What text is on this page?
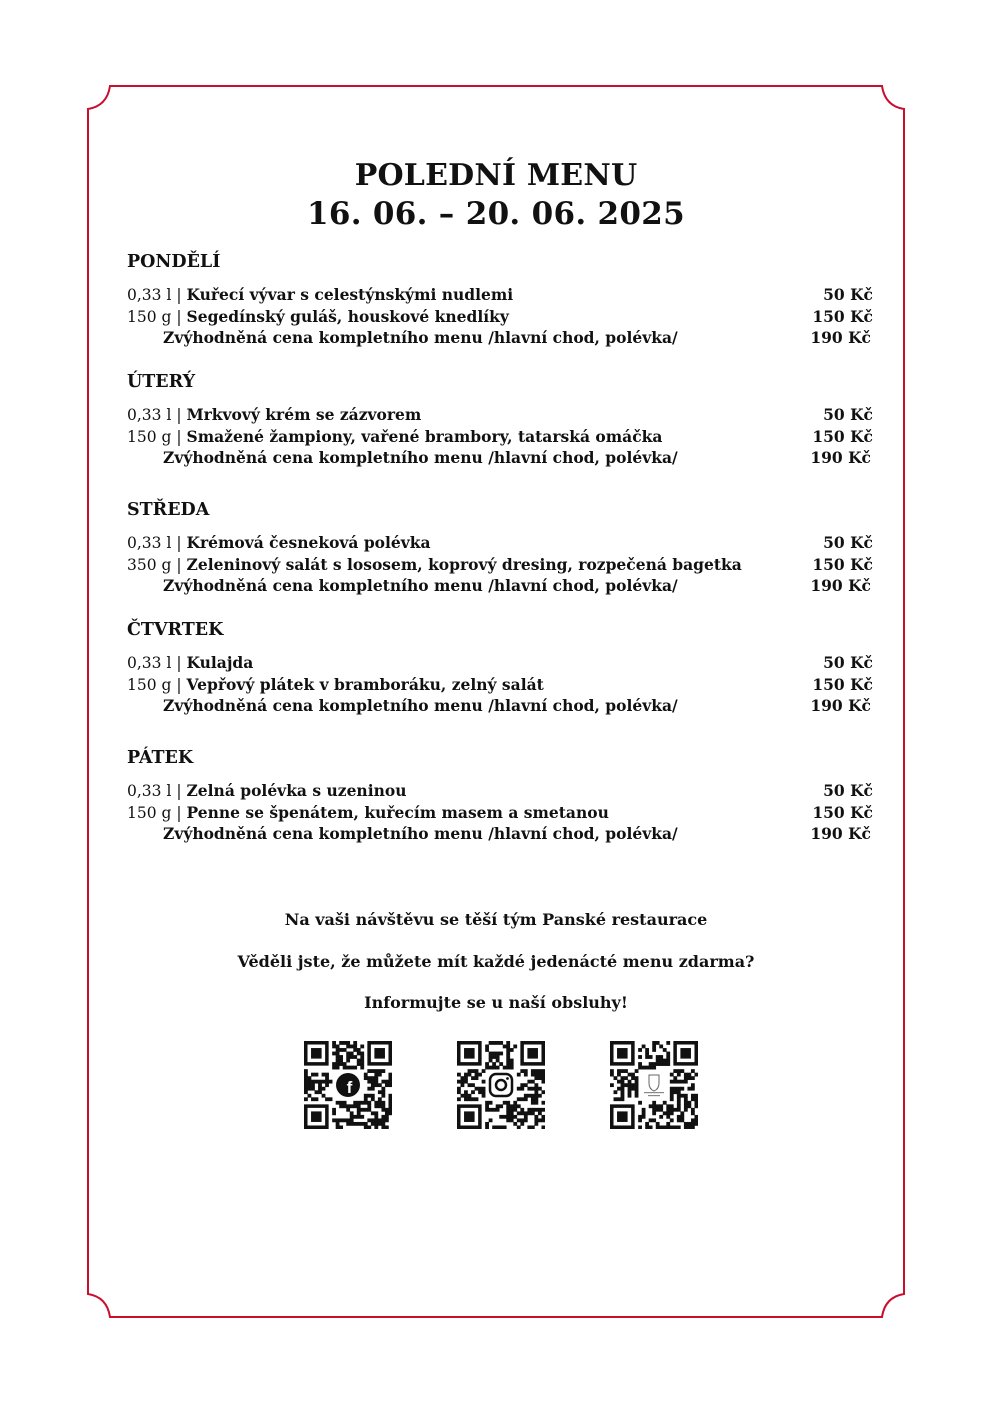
POLEDNÍ MENU
16. 06. – 20. 06. 2025
PONDĚLÍ
0,33 l | Kuřecí vývar s celestýnskými nudlemi	50 Kč
150 g | Segedínský guláš, houskové knedlíky	150 Kč
Zvýhodněná cena kompletního menu /hlavní chod, polévka/	190 Kč
ÚTERÝ
0,33 l | Mrkvový krém se zázvorem	50 Kč
150 g | Smažené žampiony, vařené brambory, tatarská omáčka	150 Kč
Zvýhodněná cena kompletního menu /hlavní chod, polévka/	190 Kč
STŘEDA
0,33 l | Krémová česneková polévka	50 Kč
350 g | Zeleninový salát s lososem, koprový dresing, rozpečená bagetka	150 Kč
Zvýhodněná cena kompletního menu /hlavní chod, polévka/	190 Kč
ČTVRTEK
0,33 l | Kulajda	50 Kč
150 g | Vepřový plátek v bramboráku, zelný salát	150 Kč
Zvýhodněná cena kompletního menu /hlavní chod, polévka/	190 Kč
PÁTEK
0,33 l | Zelná polévka s uzeninou	50 Kč
150 g | Penne se špenátem, kuřecím masem a smetanou	150 Kč
Zvýhodněná cena kompletního menu /hlavní chod, polévka/	190 Kč
Na vaši návštěvu se těší tým Panské restaurace
Věděli jste, že můžete mít každé jedenácté menu zdarma?
Informujte se u naší obsluhy!
f
